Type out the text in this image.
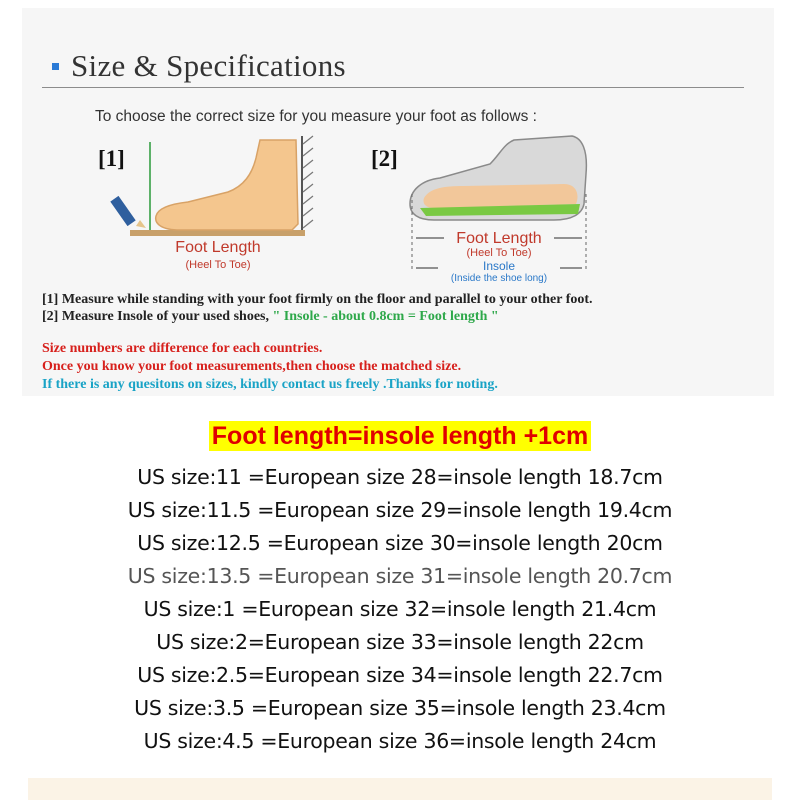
Size & Specifications
To choose the correct size for you measure your foot as follows :
[1]
Foot Length
(Heel To Toe)
[2]
Foot Length
(Heel To Toe)
Insole
(Inside the shoe long)
[1] Measure while standing with your foot firmly on the floor and parallel to your other foot.
[2] Measure Insole of your used shoes, " Insole - about 0.8cm = Foot length "
Size numbers are difference for each countries.
Once you know your foot measurements,then choose the matched size.
If there is any quesitons on sizes, kindly contact us freely .Thanks for noting.
Foot length=insole length +1cm
US size:11 =European size 28=insole length 18.7cm
US size:11.5 =European size 29=insole length 19.4cm
US size:12.5 =European size 30=insole length 20cm
US size:13.5 =European size 31=insole length 20.7cm
US size:1 =European size 32=insole length 21.4cm
US size:2=European size 33=insole length 22cm
US size:2.5=European size 34=insole length 22.7cm
US size:3.5 =European size 35=insole length 23.4cm
US size:4.5 =European size 36=insole length 24cm
